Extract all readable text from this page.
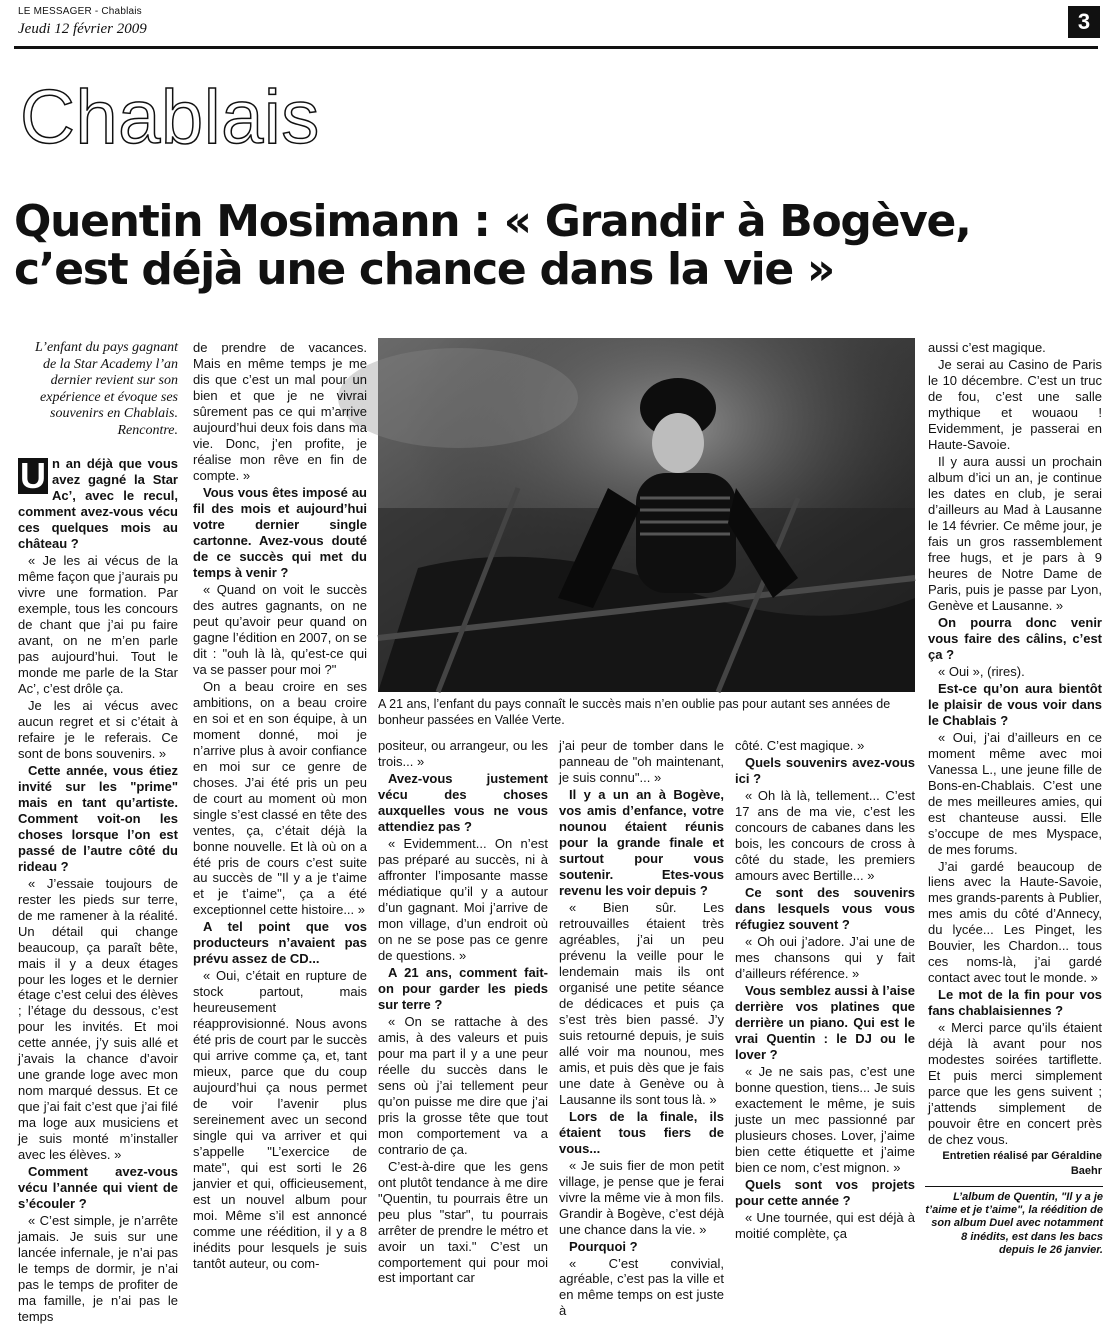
LE MESSAGER - Chablais
Jeudi 12 février 2009	3
Chablais
Quentin Mosimann : « Grandir à Bogève,
c’est déjà une chance dans la vie »
L’enfant du pays gagnant de la Star Academy l’an dernier revient sur son expérience et évoque ses souvenirs en Chablais. Rencontre.
A 21 ans, l’enfant du pays connaît le succès mais n’en oublie pas pour autant ses années de bonheur passées en Vallée Verte.

U n an déjà que vous avez gagné la Star Ac’, avec le recul, comment avez-vous vécu ces quelques mois au château ?

« Je les ai vécus de la même façon que j’aurais pu vivre une formation. Par exemple, tous les concours de chant que j’ai pu faire avant, on ne m’en parle pas aujourd’hui. Tout le monde me parle de la Star Ac’, c’est drôle ça.

Je les ai vécus avec aucun regret et si c’était à refaire je le referais. Ce sont de bons souvenirs. »

Cette année, vous étiez invité sur les "prime" mais en tant qu’artiste. Comment voit-on les choses lorsque l’on est passé de l’autre côté du rideau ?

« J’essaie toujours de rester les pieds sur terre, de me ramener à la réalité. Un détail qui change beaucoup, ça paraît bête, mais il y a deux étages pour les loges et le dernier étage c’est celui des élèves ; l’étage du dessous, c’est pour les invités. Et moi cette année, j’y suis allé et j’avais la chance d’avoir une grande loge avec mon nom marqué dessus. Et ce que j’ai fait c’est que j’ai filé ma loge aux musiciens et je suis monté m’installer avec les élèves. »

Comment avez-vous vécu l’année qui vient de s’écouler ?

« C’est simple, je n’arrête jamais. Je suis sur une lancée infernale, je n’ai pas le temps de dormir, je n’ai pas le temps de profiter de ma famille, je n’ai pas le temps

de prendre de vacances. Mais en même temps je me dis que c’est un mal pour un bien et que je ne vivrai sûrement pas ce qui m’arrive aujourd’hui deux fois dans ma vie. Donc, j’en profite, je réalise mon rêve en fin de compte. »

Vous vous êtes imposé au fil des mois et aujourd’hui votre dernier single cartonne. Avez-vous douté de ce succès qui met du temps à venir ?

« Quand on voit le succès des autres gagnants, on ne peut qu’avoir peur quand on gagne l’édition en 2007, on se dit : "ouh là là, qu’est-ce qui va se passer pour moi ?"

On a beau croire en ses ambitions, on a beau croire en soi et en son équipe, à un moment donné, moi je n’arrive plus à avoir confiance en moi sur ce genre de choses. J’ai été pris un peu de court au moment où mon single s’est classé en tête des ventes, ça, c’était déjà la bonne nouvelle. Et là où on a été pris de cours c’est suite au succès de "Il y a je t’aime et je t’aime", ça a été exceptionnel cette histoire... »

A tel point que vos producteurs n’avaient pas prévu assez de CD...

« Oui, c’était en rupture de stock partout, mais heureusement réapprovisionné. Nous avons été pris de court par le succès qui arrive comme ça, et, tant mieux, parce que du coup aujourd’hui ça nous permet de voir l’avenir plus sereinement avec un second single qui va arriver et qui s’appelle "L’exercice de mate", qui est sorti le 26 janvier et qui, officieusement, est un nouvel album pour moi. Même s’il est annoncé comme une réédition, il y a 8 inédits pour lesquels je suis tantôt auteur, ou com-

positeur, ou arrangeur, ou les trois... »

Avez-vous justement vécu des choses auxquelles vous ne vous attendiez pas ?

« Evidemment... On n’est pas préparé au succès, ni à affronter l’imposante masse médiatique qu’il y a autour d’un gagnant. Moi j’arrive de mon village, d’un endroit où on ne se pose pas ce genre de questions. »

A 21 ans, comment fait-on pour garder les pieds sur terre ?

« On se rattache à des amis, à des valeurs et puis pour ma part il y a une peur réelle du succès dans le sens où j’ai tellement peur qu’on puisse me dire que j’ai pris la grosse tête que tout mon comportement va a contrario de ça.

C’est-à-dire que les gens ont plutôt tendance à me dire "Quentin, tu pourrais être un peu plus "star", tu pourrais arrêter de prendre le métro et avoir un taxi." C’est un comportement qui pour moi est important car

j’ai peur de tomber dans le panneau de "oh maintenant, je suis connu"... »

Il y a un an à Bogève, vos amis d’enfance, votre nounou étaient réunis pour la grande finale et surtout pour vous soutenir. Etes-vous revenu les voir depuis ?

« Bien sûr. Les retrouvailles étaient très agréables, j’ai un peu prévenu la veille pour le lendemain mais ils ont organisé une petite séance de dédicaces et puis ça s’est très bien passé. J’y suis retourné depuis, je suis allé voir ma nounou, mes amis, et puis dès que je fais une date à Genève ou à Lausanne ils sont tous là. »

Lors de la finale, ils étaient tous fiers de vous...

« Je suis fier de mon petit village, je pense que je ferai vivre la même vie à mon fils. Grandir à Bogève, c’est déjà une chance dans la vie. »

Pourquoi ?

« C’est convivial, agréable, c’est pas la ville et en même temps on est juste à

côté. C’est magique. »

Quels souvenirs avez-vous ici ?

« Oh là là, tellement... C’est 17 ans de ma vie, c’est les concours de cabanes dans les bois, les concours de cross à côté du stade, les premiers amours avec Bertille... »

Ce sont des souvenirs dans lesquels vous vous réfugiez souvent ?

« Oh oui j’adore. J’ai une de mes chansons qui y fait d’ailleurs référence. »

Vous semblez aussi à l’aise derrière vos platines que derrière un piano. Qui est le vrai Quentin : le DJ ou le lover ?

« Je ne sais pas, c’est une bonne question, tiens... Je suis exactement le même, je suis juste un mec passionné par plusieurs choses. Lover, j’aime bien cette étiquette et j’aime bien ce nom, c’est mignon. »

Quels sont vos projets pour cette année ?

« Une tournée, qui est déjà à moitié complète, ça

aussi c’est magique.

Je serai au Casino de Paris le 10 décembre. C’est un truc de fou, c’est une salle mythique et wouaou ! Evidemment, je passerai en Haute-Savoie.

Il y aura aussi un prochain album d’ici un an, je continue les dates en club, je serai d’ailleurs au Mad à Lausanne le 14 février. Ce même jour, je fais un gros rassemblement free hugs, et je pars à 9 heures de Notre Dame de Paris, puis je passe par Lyon, Genève et Lausanne. »

On pourra donc venir vous faire des câlins, c’est ça ?

« Oui », (rires).

Est-ce qu’on aura bientôt le plaisir de vous voir dans le Chablais ?

« Oui, j’ai d’ailleurs en ce moment même avec moi Vanessa L., une jeune fille de Bons-en-Chablais. C’est une de mes meilleures amies, qui est chanteuse aussi. Elle s’occupe de mes Myspace, de mes forums.

J’ai gardé beaucoup de liens avec la Haute-Savoie, mes grands-parents à Publier, mes amis du côté d’Annecy, du lycée... Les Pinget, les Bouvier, les Chardon... tous ces noms-là, j’ai gardé contact avec tout le monde. »

Le mot de la fin pour vos fans chablaisiennes ?

« Merci parce qu’ils étaient déjà là avant pour nos modestes soirées tartiflette. Et puis merci simplement parce que les gens suivent ; j’attends simplement de pouvoir être en concert près de chez vous.

Entretien réalisé par Géraldine Baehr

L’album de Quentin, "Il y a je t’aime et je t’aime", la réédition de son album Duel avec notamment 8 inédits, est dans les bacs depuis le 26 janvier.
